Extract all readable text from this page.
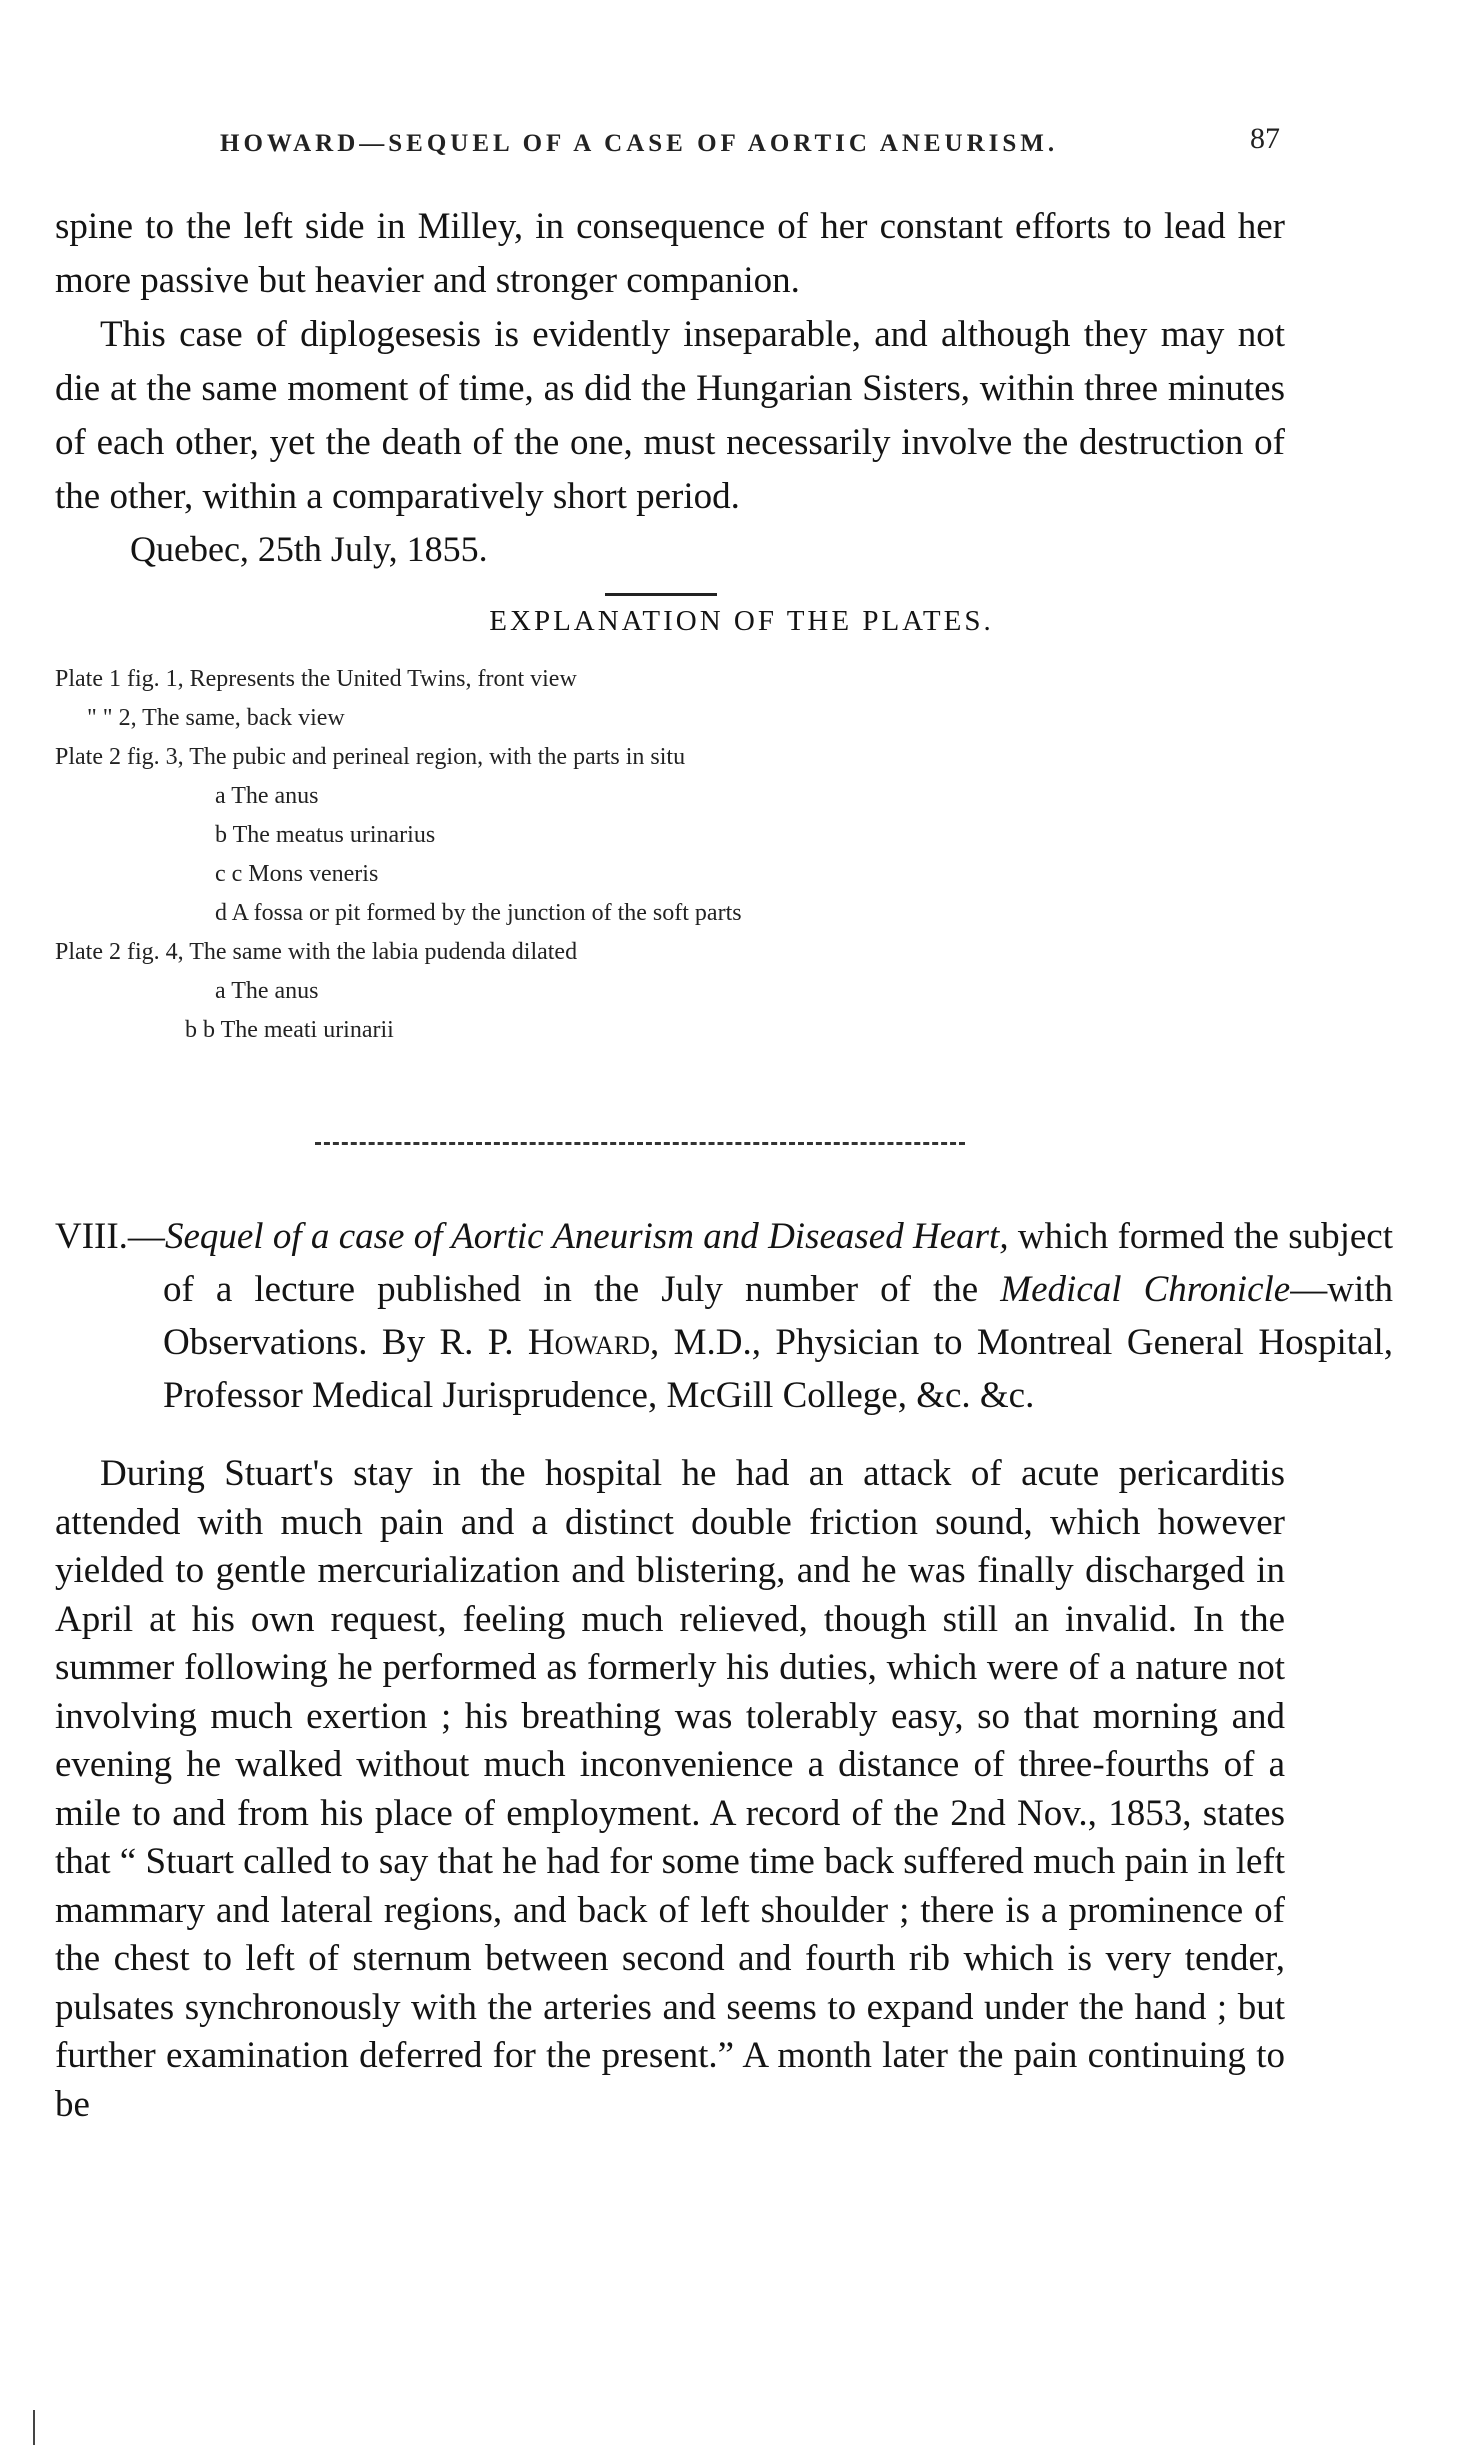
HOWARD—SEQUEL OF A CASE OF AORTIC ANEURISM.	87

spine to the left side in Milley, in consequence of her constant efforts to lead her more passive but heavier and stronger companion.

This case of diplogesesis is evidently inseparable, and although they may not die at the same moment of time, as did the Hungarian Sisters, within three minutes of each other, yet the death of the one, must necessarily involve the destruction of the other, within a comparatively short period.

Quebec, 25th July, 1855.

EXPLANATION OF THE PLATES.

Plate 1 fig. 1, Represents the United Twins, front view
" " 2, The same, back view
Plate 2 fig. 3, The pubic and perineal region, with the parts in situ
a The anus
b The meatus urinarius
c c Mons veneris
d A fossa or pit formed by the junction of the soft parts
Plate 2 fig. 4, The same with the labia pudenda dilated
a The anus
b b The meati urinarii

VIII.—Sequel of a case of Aortic Aneurism and Diseased Heart, which formed the subject of a lecture published in the July number of the Medical Chronicle—with Observations. By R. P. Howard, M.D., Physician to Montreal General Hospital, Professor Medical Jurisprudence, McGill College, &c. &c.

During Stuart's stay in the hospital he had an attack of acute pericarditis attended with much pain and a distinct double friction sound, which however yielded to gentle mercurialization and blistering, and he was finally discharged in April at his own request, feeling much relieved, though still an invalid. In the summer following he performed as formerly his duties, which were of a nature not involving much exertion ; his breathing was tolerably easy, so that morning and evening he walked without much inconvenience a distance of three-fourths of a mile to and from his place of employment. A record of the 2nd Nov., 1853, states that “ Stuart called to say that he had for some time back suffered much pain in left mammary and lateral regions, and back of left shoulder ; there is a prominence of the chest to left of sternum between second and fourth rib which is very tender, pulsates synchronously with the arteries and seems to expand under the hand ; but further examination deferred for the present.” A month later the pain continuing to be
